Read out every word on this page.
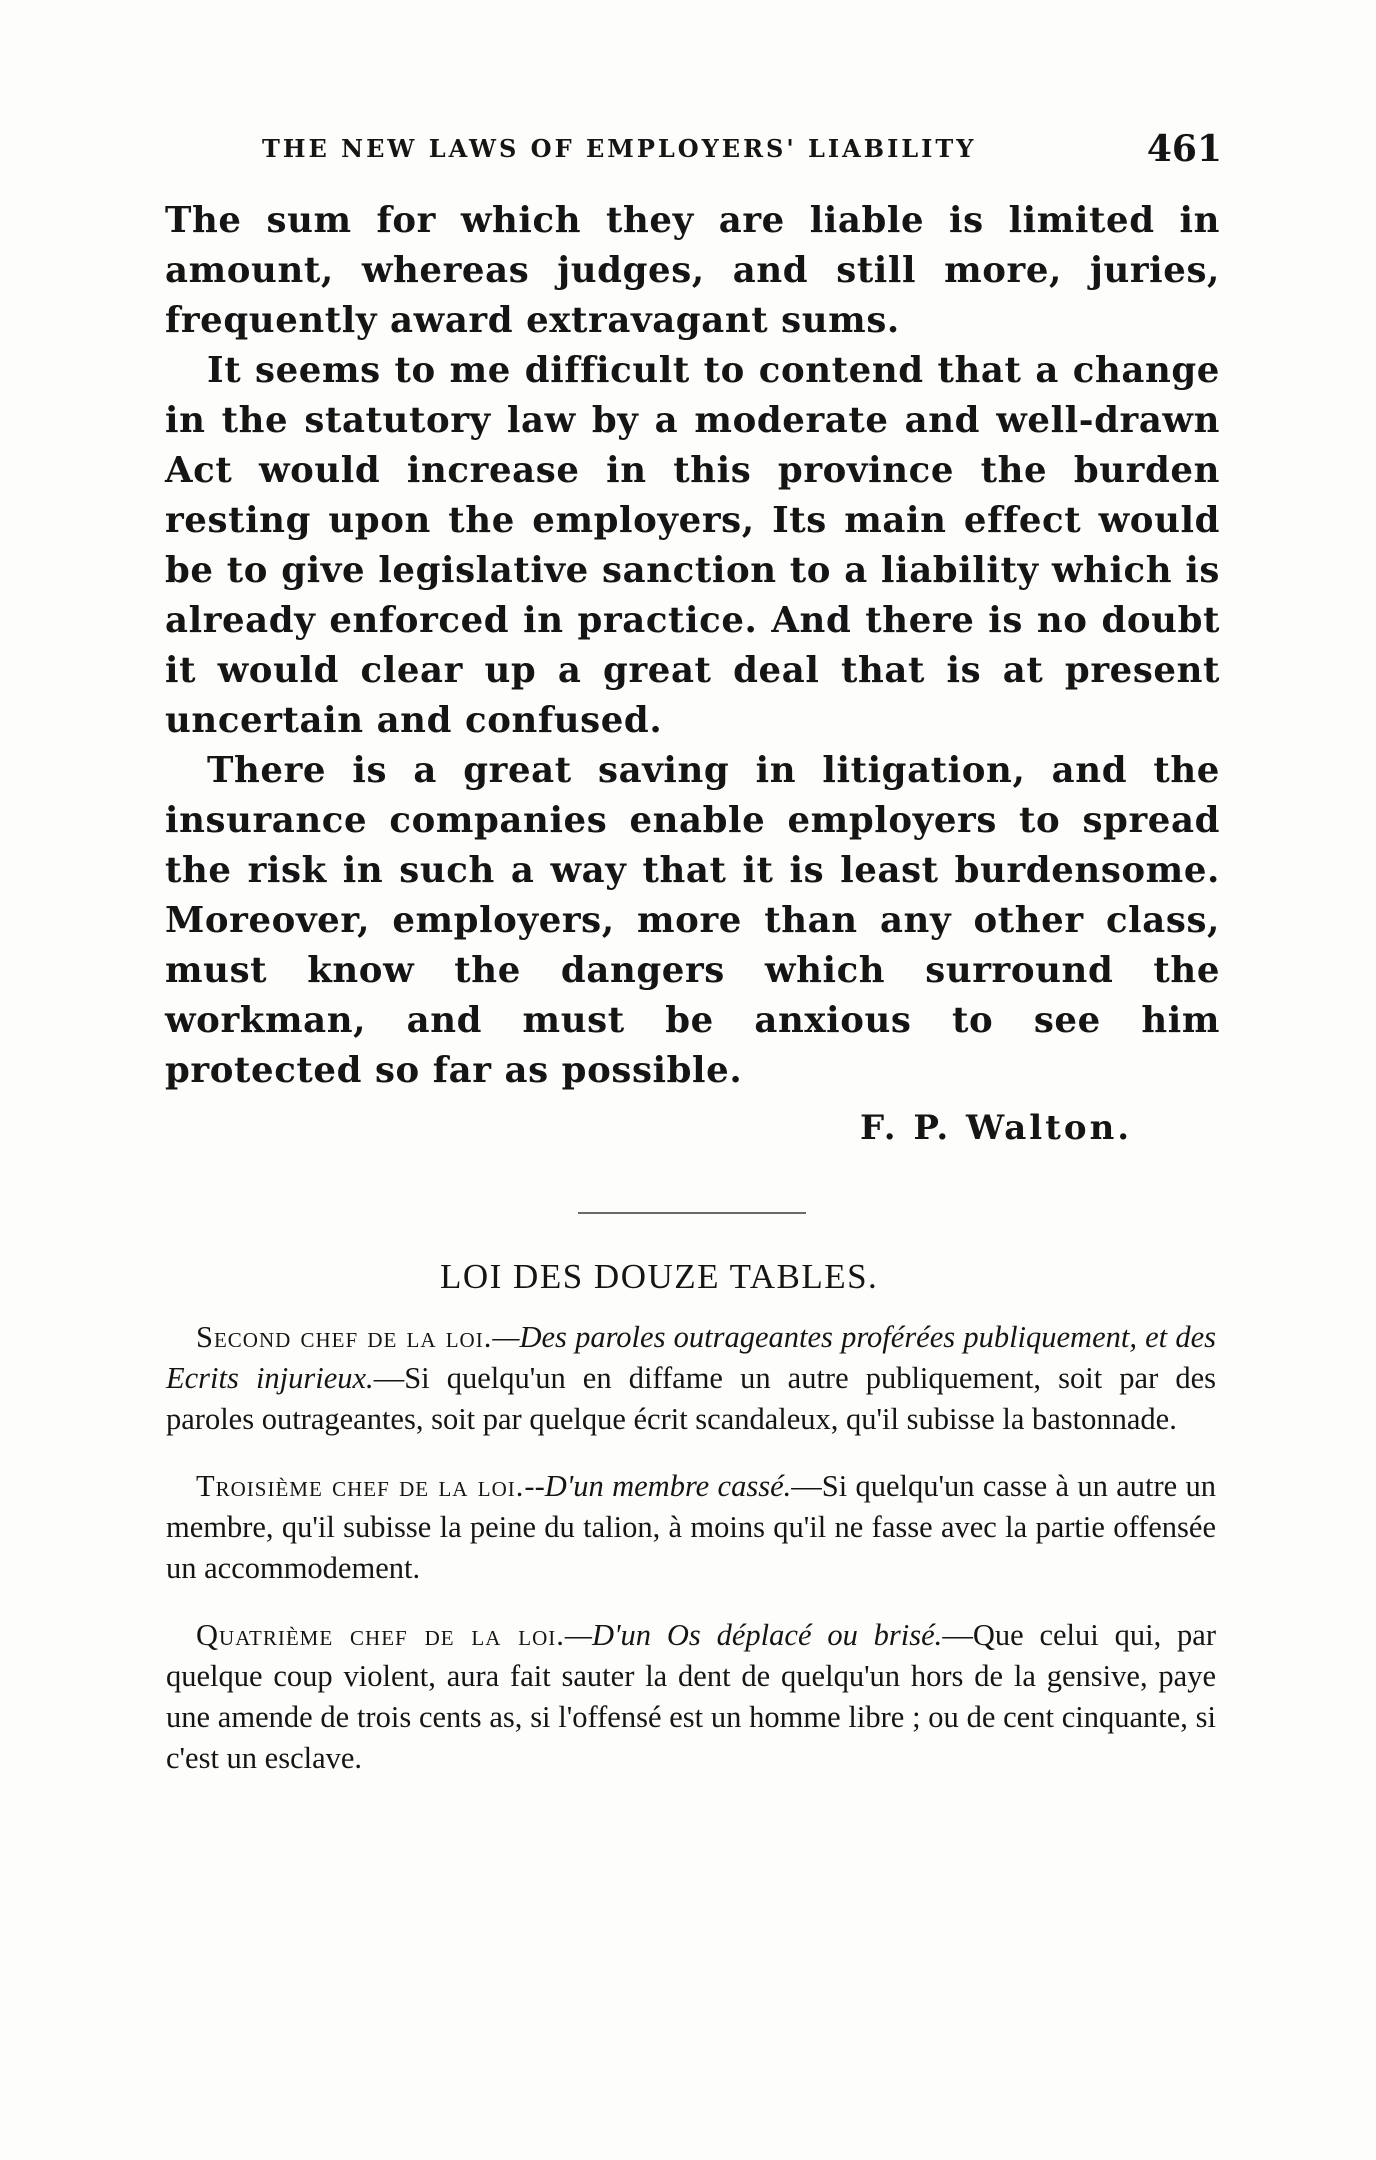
THE NEW LAWS OF EMPLOYERS' LIABILITY	461

The sum for which they are liable is limited in amount, whereas judges, and still more, juries, frequently award extravagant sums.

It seems to me difficult to contend that a change in the statutory law by a moderate and well-drawn Act would increase in this province the burden resting upon the employers, Its main effect would be to give legislative sanction to a liability which is already enforced in practice. And there is no doubt it would clear up a great deal that is at present uncertain and confused.

There is a great saving in litigation, and the insurance companies enable employers to spread the risk in such a way that it is least burdensome. Moreover, employers, more than any other class, must know the dangers which surround the workman, and must be anxious to see him protected so far as possible.

F. P. Walton.
LOI DES DOUZE TABLES.

Second chef de la loi.—Des paroles outrageantes proférées publiquement, et des Ecrits injurieux.—Si quelqu'un en diffame un autre publiquement, soit par des paroles outrageantes, soit par quelque écrit scandaleux, qu'il subisse la bastonnade.

Troisième chef de la loi.--D'un membre cassé.—Si quelqu'un casse à un autre un membre, qu'il subisse la peine du talion, à moins qu'il ne fasse avec la partie offensée un accommodement.

Quatrième chef de la loi.—D'un Os déplacé ou brisé.—Que celui qui, par quelque coup violent, aura fait sauter la dent de quelqu'un hors de la gensive, paye une amende de trois cents as, si l'offensé est un homme libre ; ou de cent cinquante, si c'est un esclave.
